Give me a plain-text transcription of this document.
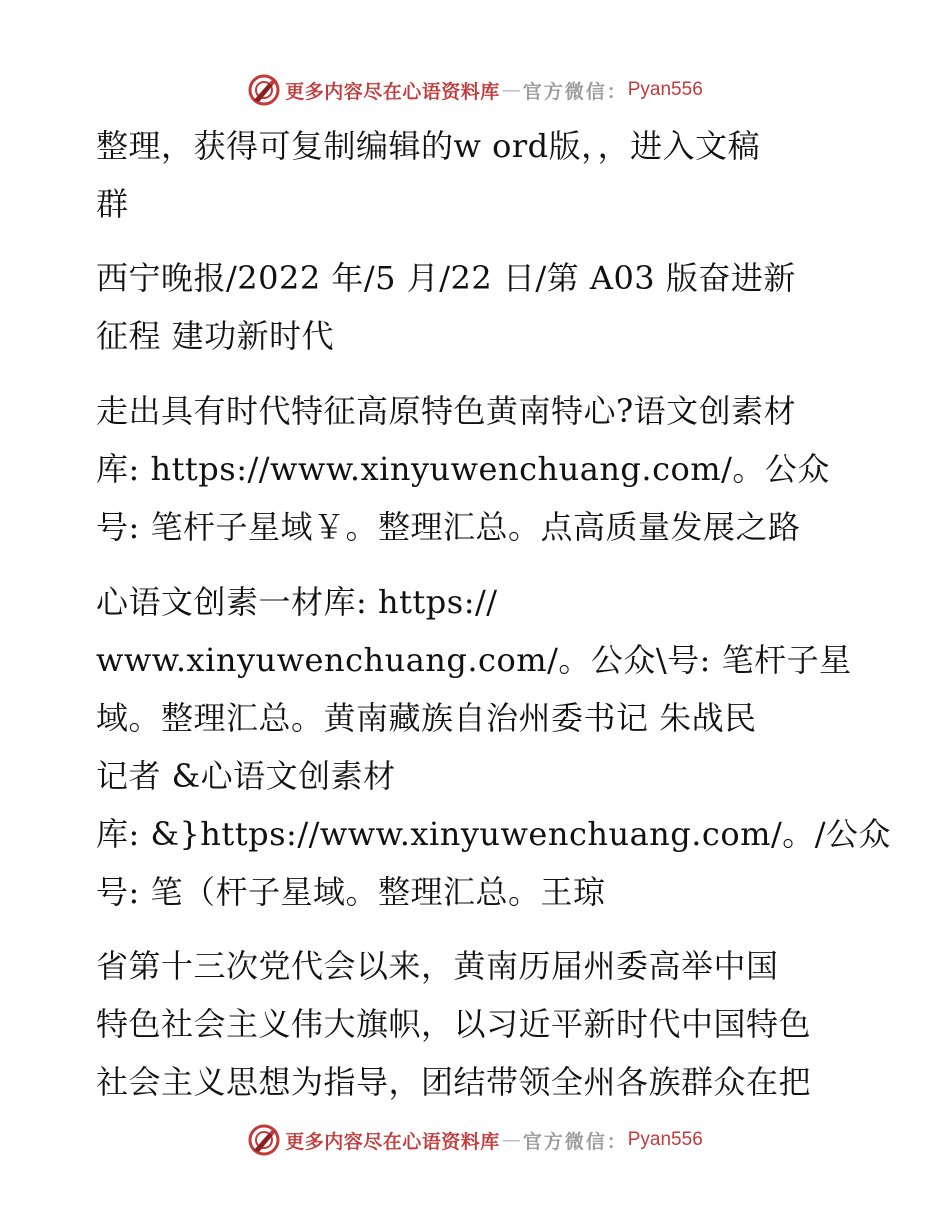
更多内容尽在心语资料库 — 官方微信： Pyan556
整理，获得可复制编辑的w ord版，，进入文稿
群
西宁晚报/2022 年/5 月/22 日/第 A03 版奋进新
征程 建功新时代
走出具有时代特征高原特色黄南特心?语文创素材
库: https://www.xinyuwenchuang.com/。公众
号: 笔杆子星域￥。整理汇总。点高质量发展之路
心语文创素一材库: https://
www.xinyuwenchuang.com/。公众\号: 笔杆子星
域。整理汇总。黄南藏族自治州委书记 朱战民
记者 &心语文创素材
库: &}https://www.xinyuwenchuang.com/。/公众
号: 笔（杆子星域。整理汇总。王琼
省第十三次党代会以来，黄南历届州委高举中国
特色社会主义伟大旗帜，以习近平新时代中国特色
社会主义思想为指导，团结带领全州各族群众在把
更多内容尽在心语资料库 — 官方微信： Pyan556
